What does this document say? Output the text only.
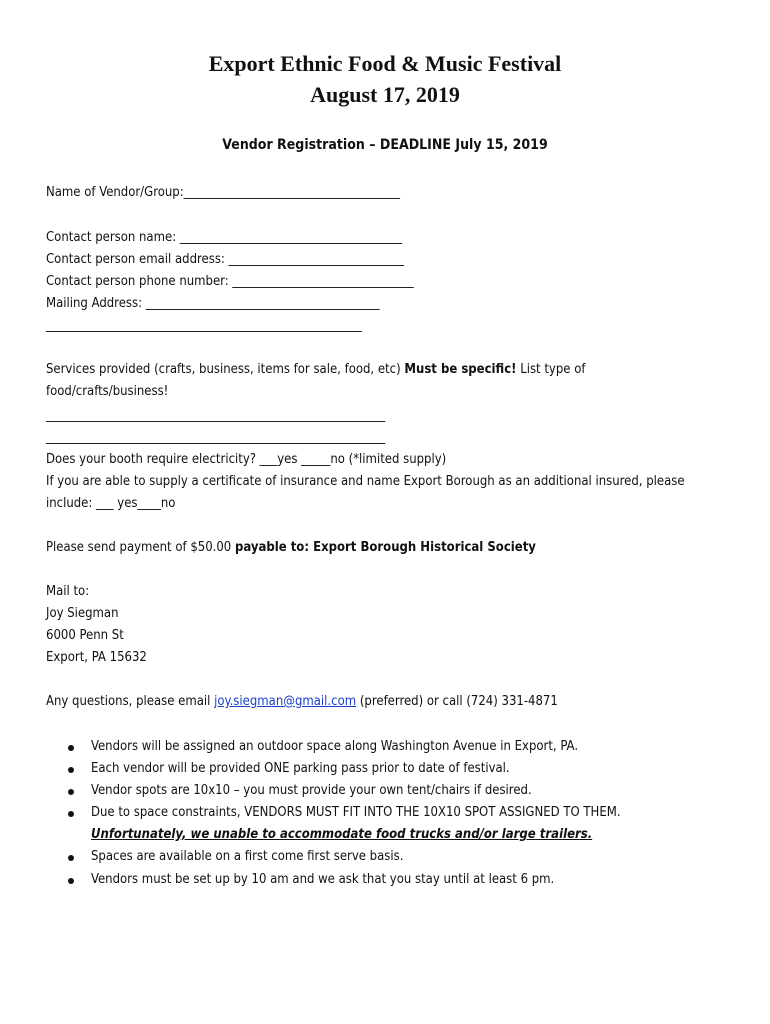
Export Ethnic Food & Music Festival
August 17, 2019
Vendor Registration – DEADLINE July 15, 2019
Name of Vendor/Group:_____________________________________
Contact person name: ______________________________________
Contact person email address: ______________________________
Contact person phone number: _______________________________
Mailing Address: ________________________________________
______________________________________________________
Services provided (crafts, business, items for sale, food, etc) Must be specific! List type of
food/crafts/business!
__________________________________________________________
__________________________________________________________
Does your booth require electricity? ___yes _____no (*limited supply)
If you are able to supply a certificate of insurance and name Export Borough as an additional insured, please
include: ___ yes____no
Please send payment of $50.00 payable to: Export Borough Historical Society
Mail to:
Joy Siegman
6000 Penn St
Export, PA 15632
Any questions, please email joy.siegman@gmail.com (preferred) or call (724) 331-4871
Vendors will be assigned an outdoor space along Washington Avenue in Export, PA.
Each vendor will be provided ONE parking pass prior to date of festival.
Vendor spots are 10x10 – you must provide your own tent/chairs if desired.
Due to space constraints, VENDORS MUST FIT INTO THE 10X10 SPOT ASSIGNED TO THEM.
Unfortunately, we unable to accommodate food trucks and/or large trailers.
Spaces are available on a first come first serve basis.
Vendors must be set up by 10 am and we ask that you stay until at least 6 pm.
